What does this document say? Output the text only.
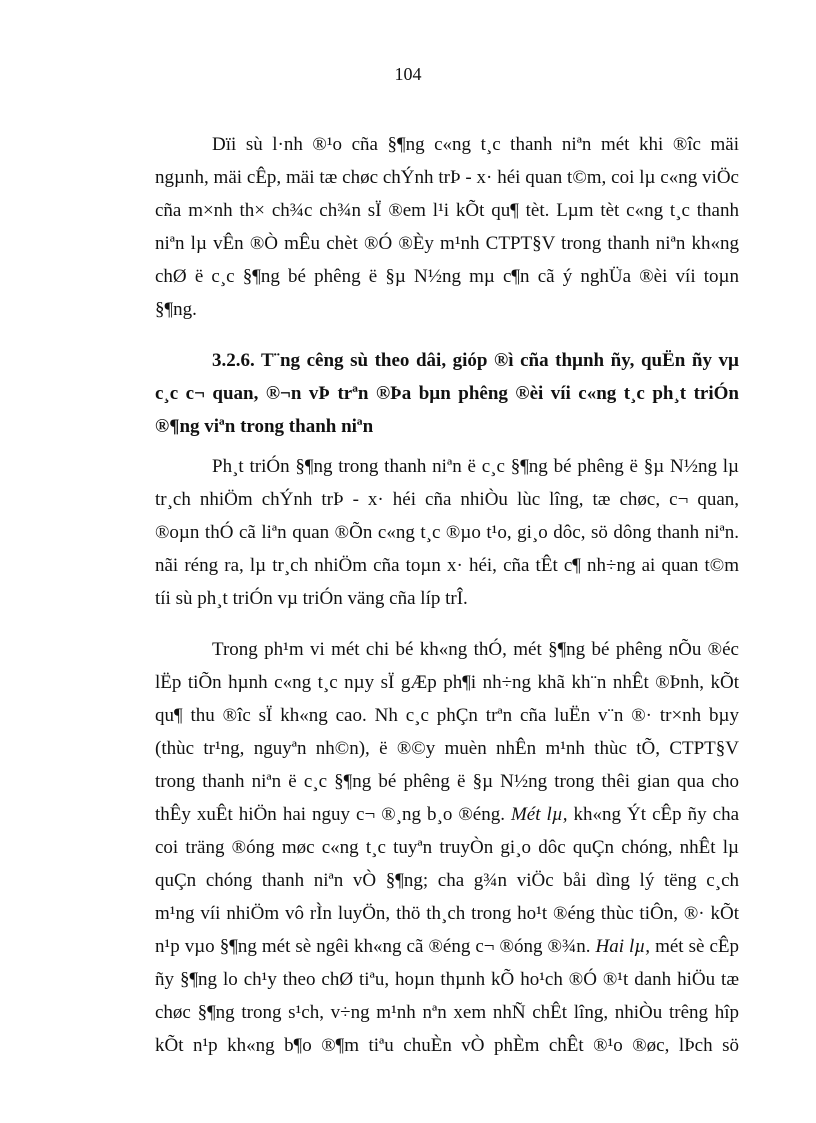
104
Dïi sù l·nh ®¹o cña §¶ng c«ng t¸c thanh niªn mét khi ®îc mäi
ngµnh, mäi cÊp, mäi tæ chøc chÝnh trÞ - x· héi quan t©m, coi lµ c«ng viÖc
cña m×nh th× ch¾c ch¾n sÏ ®em l¹i kÕt qu¶ tèt. Lµm tèt c«ng t¸c thanh
niªn lµ vÊn ®Ò mÊu chèt ®Ó ®Èy m¹nh CTPT§V trong thanh niªn kh«ng
chØ ë c¸c §¶ng bé phêng ë §µ N½ng mµ c¶n cã ý nghÜa ®èi víi toµn
§¶ng.
3.2.6. T¨ng cêng sù theo dâi, gióp ®ì cña thµnh ñy, quËn ñy vµ
c¸c c¬ quan, ®¬n vÞ trªn ®Þa bµn phêng ®èi víi c«ng t¸c ph¸t triÓn
®¶ng viªn trong thanh niªn
Ph¸t triÓn §¶ng trong thanh niªn ë c¸c §¶ng bé phêng ë §µ N½ng lµ
tr¸ch nhiÖm chÝnh trÞ - x· héi cña nhiÒu lùc lîng, tæ chøc, c¬ quan,
®oµn thÓ cã liªn quan ®Õn c«ng t¸c ®µo t¹o, gi¸o dôc, sö dông thanh niªn.
nãi réng ra, lµ tr¸ch nhiÖm cña toµn x· héi, cña tÊt c¶ nh÷ng ai quan t©m
tíi sù ph¸t triÓn vµ triÓn väng cña líp trÎ.
Trong ph¹m vi mét chi bé kh«ng thÓ, mét §¶ng bé phêng nÕu ®éc
lËp tiÕn hµnh c«ng t¸c nµy sÏ gÆp ph¶i nh÷ng khã kh¨n nhÊt ®Þnh, kÕt
qu¶ thu ®îc sÏ kh«ng cao. Nh c¸c phÇn trªn cña luËn v¨n ®· tr×nh bµy
(thùc tr¹ng, nguyªn nh©n), ë ®©y muèn nhÊn m¹nh thùc tÕ, CTPT§V
trong thanh niªn ë c¸c §¶ng bé phêng ë §µ N½ng trong thêi gian qua cho
thÊy xuÊt hiÖn hai nguy c¬ ®¸ng b¸o ®éng. Mét lµ, kh«ng Ýt cÊp ñy cha
coi träng ®óng møc c«ng t¸c tuyªn truyÒn gi¸o dôc quÇn chóng, nhÊt lµ
quÇn chóng thanh niªn vÒ §¶ng; cha g¾n viÖc båi dìng lý tëng c¸ch
m¹ng víi nhiÖm vô rÌn luyÖn, thö th¸ch trong ho¹t ®éng thùc tiÔn, ®· kÕt
n¹p vµo §¶ng mét sè ngêi kh«ng cã ®éng c¬ ®óng ®¾n. Hai lµ, mét sè cÊp
ñy §¶ng lo ch¹y theo chØ tiªu, hoµn thµnh kÕ ho¹ch ®Ó ®¹t danh hiÖu tæ
chøc §¶ng trong s¹ch, v÷ng m¹nh nªn xem nhÑ chÊt lîng, nhiÒu trêng hîp
kÕt n¹p kh«ng b¶o ®¶m tiªu chuÈn vÒ phÈm chÊt ®¹o ®øc, lÞch sö
